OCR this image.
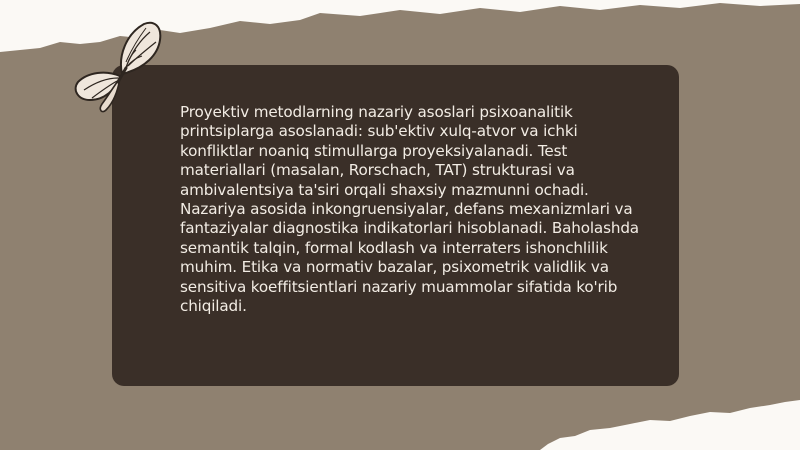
Proyektiv metodlarning nazariy asoslari psixoanalitik printsiplarga asoslanadi: sub'ektiv xulq-atvor va ichki konfliktlar noaniq stimullarga proyeksiyalanadi. Test materiallari (masalan, Rorschach, TAT) strukturasi va ambivalentsiya ta'siri orqali shaxsiy mazmunni ochadi. Nazariya asosida inkongruensiyalar, defans mexanizmlari va fantaziyalar diagnostika indikatorlari hisoblanadi. Baholashda semantik talqin, formal kodlash va interraters ishonchlilik muhim. Etika va normativ bazalar, psixometrik validlik va sensitiva koeffitsientlari nazariy muammolar sifatida ko'rib chiqiladi.
